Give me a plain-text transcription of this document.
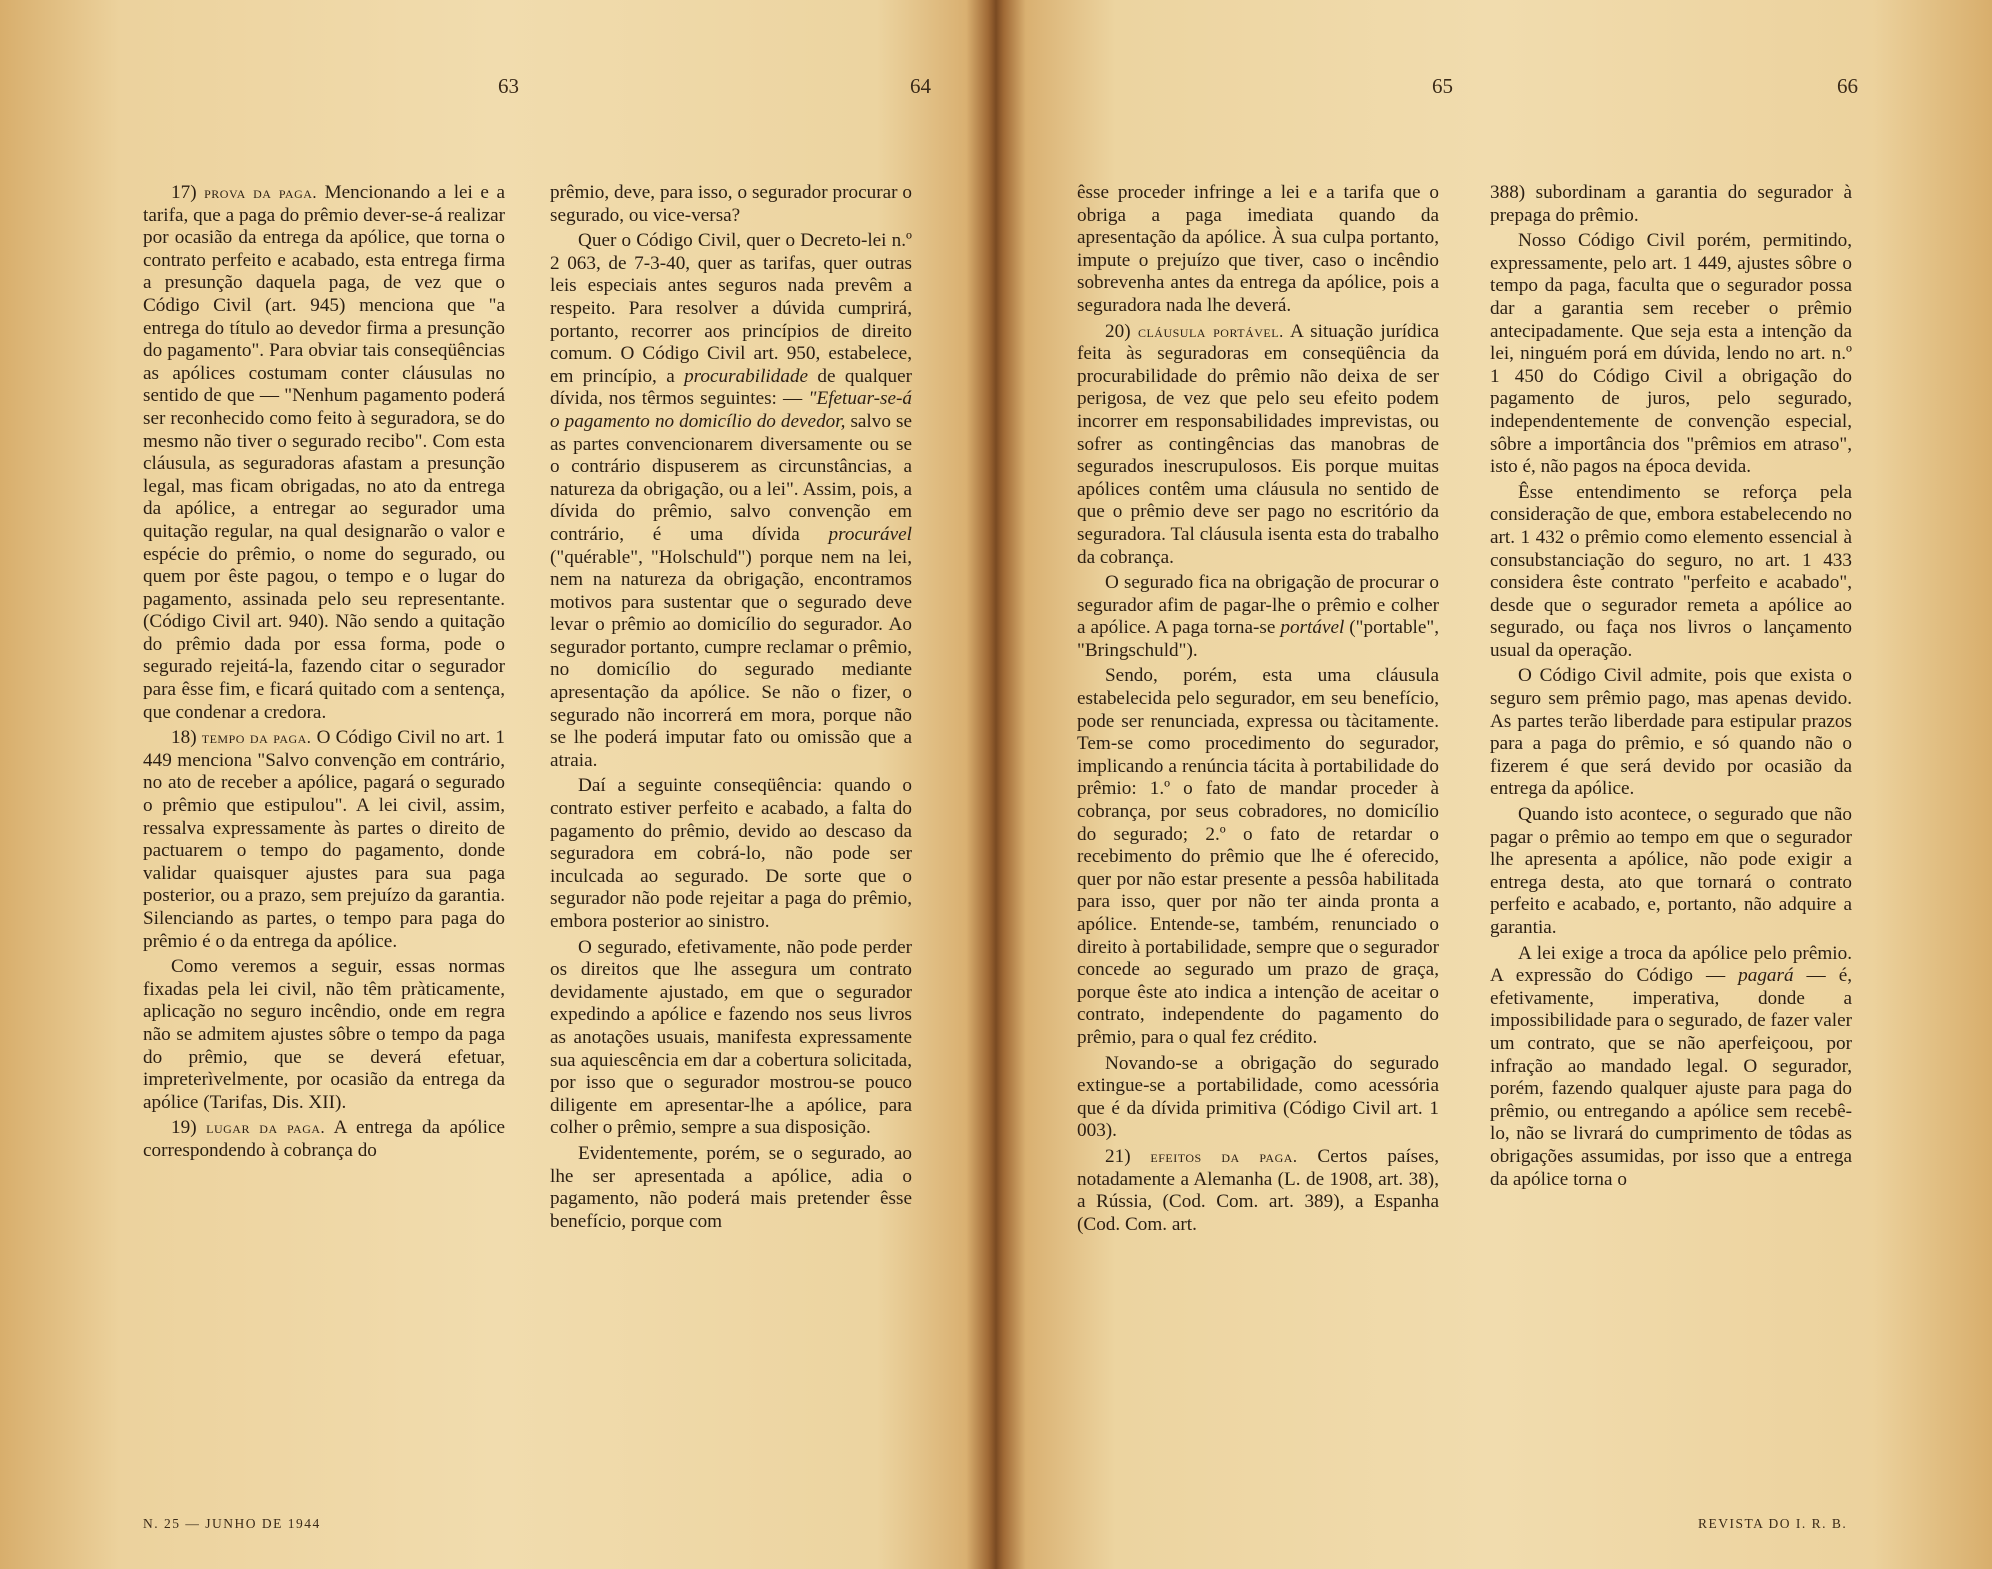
63	64	65	66

17) prova da paga. Mencionando a lei e a tarifa, que a paga do prêmio dever-se-á realizar por ocasião da entrega da apólice, que torna o contrato perfeito e acabado, esta entrega firma a presunção daquela paga, de vez que o Código Civil (art. 945) menciona que "a entrega do título ao devedor firma a presunção do pagamento". Para obviar tais conseqüências as apólices costumam conter cláusulas no sentido de que — "Nenhum pagamento poderá ser reconhecido como feito à seguradora, se do mesmo não tiver o segurado recibo". Com esta cláusula, as seguradoras afastam a presunção legal, mas ficam obrigadas, no ato da entrega da apólice, a entregar ao segurador uma quitação regular, na qual designarão o valor e espécie do prêmio, o nome do segurado, ou quem por êste pagou, o tempo e o lugar do pagamento, assinada pelo seu representante. (Código Civil art. 940). Não sendo a quitação do prêmio dada por essa forma, pode o segurado rejeitá-la, fazendo citar o segurador para êsse fim, e ficará quitado com a sentença, que condenar a credora.

18) tempo da paga. O Código Civil no art. 1 449 menciona "Salvo convenção em contrário, no ato de receber a apólice, pagará o segurado o prêmio que estipulou". A lei civil, assim, ressalva expressamente às partes o direito de pactuarem o tempo do pagamento, donde validar quaisquer ajustes para sua paga posterior, ou a prazo, sem prejuízo da garantia. Silenciando as partes, o tempo para paga do prêmio é o da entrega da apólice.

Como veremos a seguir, essas normas fixadas pela lei civil, não têm pràticamente, aplicação no seguro incêndio, onde em regra não se admitem ajustes sôbre o tempo da paga do prêmio, que se deverá efetuar, impreterìvelmente, por ocasião da entrega da apólice (Tarifas, Dis. XII).

19) lugar da paga. A entrega da apólice correspondendo à cobrança do

prêmio, deve, para isso, o segurador procurar o segurado, ou vice-versa?

Quer o Código Civil, quer o Decreto-lei n.º 2 063, de 7-3-40, quer as tarifas, quer outras leis especiais antes seguros nada prevêm a respeito. Para resolver a dúvida cumprirá, portanto, recorrer aos princípios de direito comum. O Código Civil art. 950, estabelece, em princípio, a procurabilidade de qualquer dívida, nos têrmos seguintes: — "Efetuar-se-á o pagamento no domicílio do devedor, salvo se as partes convencionarem diversamente ou se o contrário dispuserem as circunstâncias, a natureza da obrigação, ou a lei". Assim, pois, a dívida do prêmio, salvo convenção em contrário, é uma dívida procurável ("quérable", "Holschuld") porque nem na lei, nem na natureza da obrigação, encontramos motivos para sustentar que o segurado deve levar o prêmio ao domicílio do segurador. Ao segurador portanto, cumpre reclamar o prêmio, no domicílio do segurado mediante apresentação da apólice. Se não o fizer, o segurado não incorrerá em mora, porque não se lhe poderá imputar fato ou omissão que a atraia.

Daí a seguinte conseqüência: quando o contrato estiver perfeito e acabado, a falta do pagamento do prêmio, devido ao descaso da seguradora em cobrá-lo, não pode ser inculcada ao segurado. De sorte que o segurador não pode rejeitar a paga do prêmio, embora posterior ao sinistro.

O segurado, efetivamente, não pode perder os direitos que lhe assegura um contrato devidamente ajustado, em que o segurador expedindo a apólice e fazendo nos seus livros as anotações usuais, manifesta expressamente sua aquiescência em dar a cobertura solicitada, por isso que o segurador mostrou-se pouco diligente em apresentar-lhe a apólice, para colher o prêmio, sempre a sua disposição.

Evidentemente, porém, se o segurado, ao lhe ser apresentada a apólice, adia o pagamento, não poderá mais pretender êsse benefício, porque com

êsse proceder infringe a lei e a tarifa que o obriga a paga imediata quando da apresentação da apólice. À sua culpa portanto, impute o prejuízo que tiver, caso o incêndio sobrevenha antes da entrega da apólice, pois a seguradora nada lhe deverá.

20) cláusula portável. A situação jurídica feita às seguradoras em conseqüência da procurabilidade do prêmio não deixa de ser perigosa, de vez que pelo seu efeito podem incorrer em responsabilidades imprevistas, ou sofrer as contingências das manobras de segurados inescrupulosos. Eis porque muitas apólices contêm uma cláusula no sentido de que o prêmio deve ser pago no escritório da seguradora. Tal cláusula isenta esta do trabalho da cobrança.

O segurado fica na obrigação de procurar o segurador afim de pagar-lhe o prêmio e colher a apólice. A paga torna-se portável ("portable", "Bringschuld").

Sendo, porém, esta uma cláusula estabelecida pelo segurador, em seu benefício, pode ser renunciada, expressa ou tàcitamente. Tem-se como procedimento do segurador, implicando a renúncia tácita à portabilidade do prêmio: 1.º o fato de mandar proceder à cobrança, por seus cobradores, no domicílio do segurado; 2.º o fato de retardar o recebimento do prêmio que lhe é oferecido, quer por não estar presente a pessôa habilitada para isso, quer por não ter ainda pronta a apólice. Entende-se, também, renunciado o direito à portabilidade, sempre que o segurador concede ao segurado um prazo de graça, porque êste ato indica a intenção de aceitar o contrato, independente do pagamento do prêmio, para o qual fez crédito.

Novando-se a obrigação do segurado extingue-se a portabilidade, como acessória que é da dívida primitiva (Código Civil art. 1 003).

21) efeitos da paga. Certos países, notadamente a Alemanha (L. de 1908, art. 38), a Rússia, (Cod. Com. art. 389), a Espanha (Cod. Com. art.

388) subordinam a garantia do segurador à prepaga do prêmio.

Nosso Código Civil porém, permitindo, expressamente, pelo art. 1 449, ajustes sôbre o tempo da paga, faculta que o segurador possa dar a garantia sem receber o prêmio antecipadamente. Que seja esta a intenção da lei, ninguém porá em dúvida, lendo no art. n.º 1 450 do Código Civil a obrigação do pagamento de juros, pelo segurado, independentemente de convenção especial, sôbre a importância dos "prêmios em atraso", isto é, não pagos na época devida.

Êsse entendimento se reforça pela consideração de que, embora estabelecendo no art. 1 432 o prêmio como elemento essencial à consubstanciação do seguro, no art. 1 433 considera êste contrato "perfeito e acabado", desde que o segurador remeta a apólice ao segurado, ou faça nos livros o lançamento usual da operação.

O Código Civil admite, pois que exista o seguro sem prêmio pago, mas apenas devido. As partes terão liberdade para estipular prazos para a paga do prêmio, e só quando não o fizerem é que será devido por ocasião da entrega da apólice.

Quando isto acontece, o segurado que não pagar o prêmio ao tempo em que o segurador lhe apresenta a apólice, não pode exigir a entrega desta, ato que tornará o contrato perfeito e acabado, e, portanto, não adquire a garantia.

A lei exige a troca da apólice pelo prêmio. A expressão do Código — pagará — é, efetivamente, imperativa, donde a impossibilidade para o segurado, de fazer valer um contrato, que se não aperfeiçoou, por infração ao mandado legal. O segurador, porém, fazendo qualquer ajuste para paga do prêmio, ou entregando a apólice sem recebê-lo, não se livrará do cumprimento de tôdas as obrigações assumidas, por isso que a entrega da apólice torna o

N. 25 — JUNHO DE 1944	REVISTA DO I. R. B.
